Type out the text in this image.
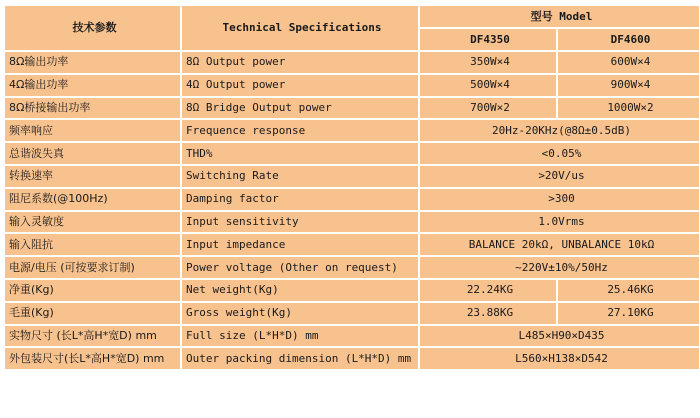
技术参数	Technical Specifications	型号 Model	
		DF4350	DF4600
8Ω输出功率	8Ω Output power	350W×4	600W×4
4Ω输出功率	4Ω Output power	500W×4	900W×4
8Ω桥接输出功率	8Ω Bridge Output power	700W×2	1000W×2
频率响应	Frequence response	20Hz-20KHz(@8Ω±0.5dB)	
总谐波失真	THD%	<0.05%	
转换速率	Switching Rate	>20V/us	
阻尼系数(@100Hz)	Damping factor	>300	
输入灵敏度	Input sensitivity	1.0Vrms	
输入阻抗	Input impedance	BALANCE 20kΩ, UNBALANCE 10kΩ	
电源/电压 (可按要求订制)	Power voltage (Other on request)	~220V±10%/50Hz	
净重(Kg)	Net weight(Kg)	22.24KG	25.46KG
毛重(Kg)	Gross weight(Kg)	23.88KG	27.10KG
实物尺寸 (长L*高H*宽D) mm	Full size (L*H*D) mm	L485×H90×D435	
外包装尺寸(长L*高H*宽D) mm	Outer packing dimension (L*H*D) mm	L560×H138×D542	
